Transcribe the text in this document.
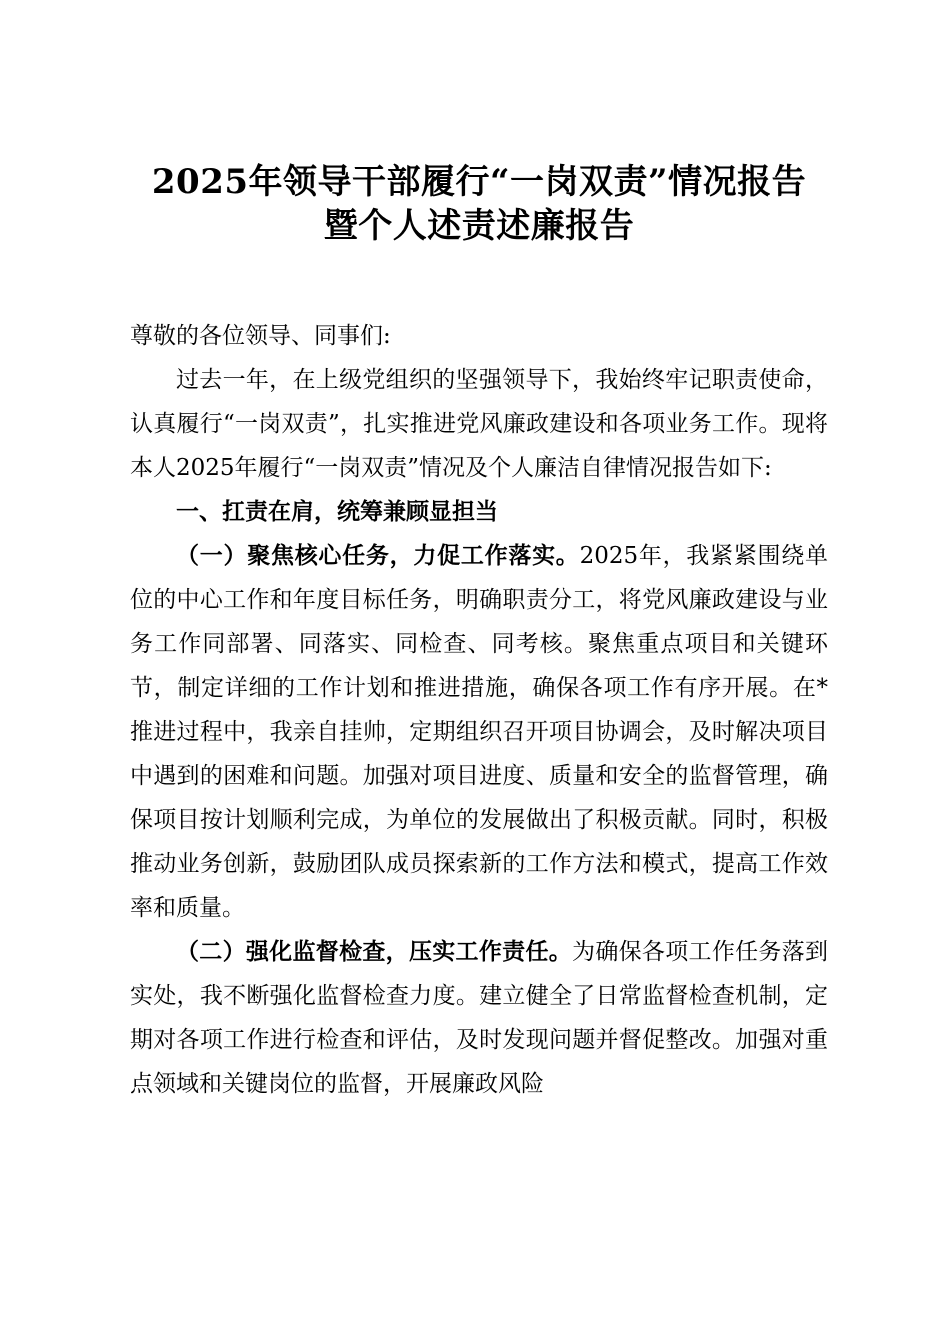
2025年领导干部履行“一岗双责”情况报告
暨个人述责述廉报告

尊敬的各位领导、同事们:

过去一年，在上级党组织的坚强领导下，我始终牢记职责使命，认真履行“一岗双责”，扎实推进党风廉政建设和各项业务工作。现将本人2025年履行“一岗双责”情况及个人廉洁自律情况报告如下:

一、扛责在肩，统筹兼顾显担当

（一）聚焦核心任务，力促工作落实。2025年，我紧紧围绕单位的中心工作和年度目标任务，明确职责分工，将党风廉政建设与业务工作同部署、同落实、同检查、同考核。聚焦重点项目和关键环节，制定详细的工作计划和推进措施，确保各项工作有序开展。在*推进过程中，我亲自挂帅，定期组织召开项目协调会，及时解决项目中遇到的困难和问题。加强对项目进度、质量和安全的监督管理，确保项目按计划顺利完成，为单位的发展做出了积极贡献。同时，积极推动业务创新，鼓励团队成员探索新的工作方法和模式，提高工作效率和质量。

（二）强化监督检查，压实工作责任。为确保各项工作任务落到实处，我不断强化监督检查力度。建立健全了日常监督检查机制，定期对各项工作进行检查和评估，及时发现问题并督促整改。加强对重点领域和关键岗位的监督，开展廉政风险
